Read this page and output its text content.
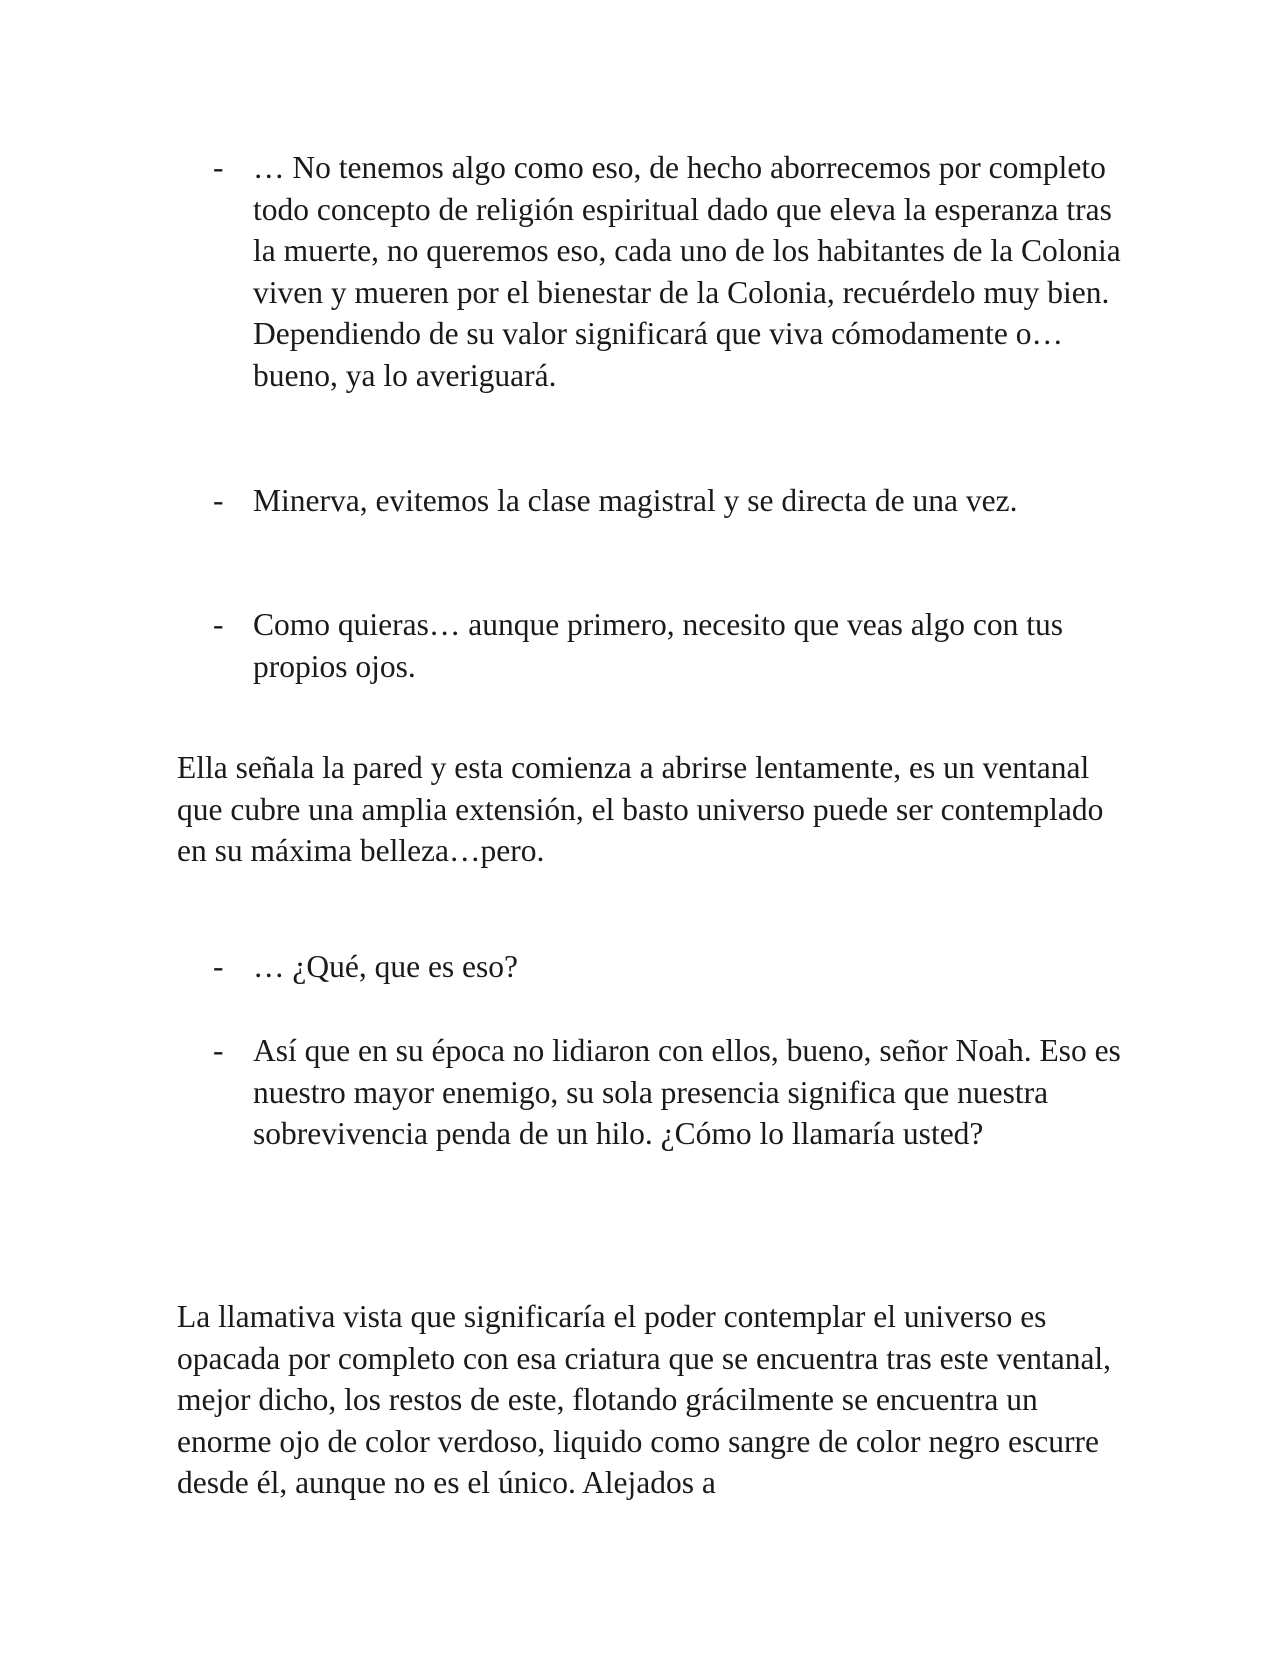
- … No tenemos algo como eso, de hecho aborrecemos por completo todo concepto de religión espiritual dado que eleva la esperanza tras la muerte, no queremos eso, cada uno de los habitantes de la Colonia viven y mueren por el bienestar de la Colonia, recuérdelo muy bien. Dependiendo de su valor significará que viva cómodamente o… bueno, ya lo averiguará.
- Minerva, evitemos la clase magistral y se directa de una vez.
- Como quieras… aunque primero, necesito que veas algo con tus propios ojos.

Ella señala la pared y esta comienza a abrirse lentamente, es un ventanal que cubre una amplia extensión, el basto universo puede ser contemplado en su máxima belleza…pero.

- … ¿Qué, que es eso?
- Así que en su época no lidiaron con ellos, bueno, señor Noah. Eso es nuestro mayor enemigo, su sola presencia significa que nuestra sobrevivencia penda de un hilo. ¿Cómo lo llamaría usted?

La llamativa vista que significaría el poder contemplar el universo es opacada por completo con esa criatura que se encuentra tras este ventanal, mejor dicho, los restos de este, flotando grácilmente se encuentra un enorme ojo de color verdoso, liquido como sangre de color negro escurre desde él, aunque no es el único. Alejados a
